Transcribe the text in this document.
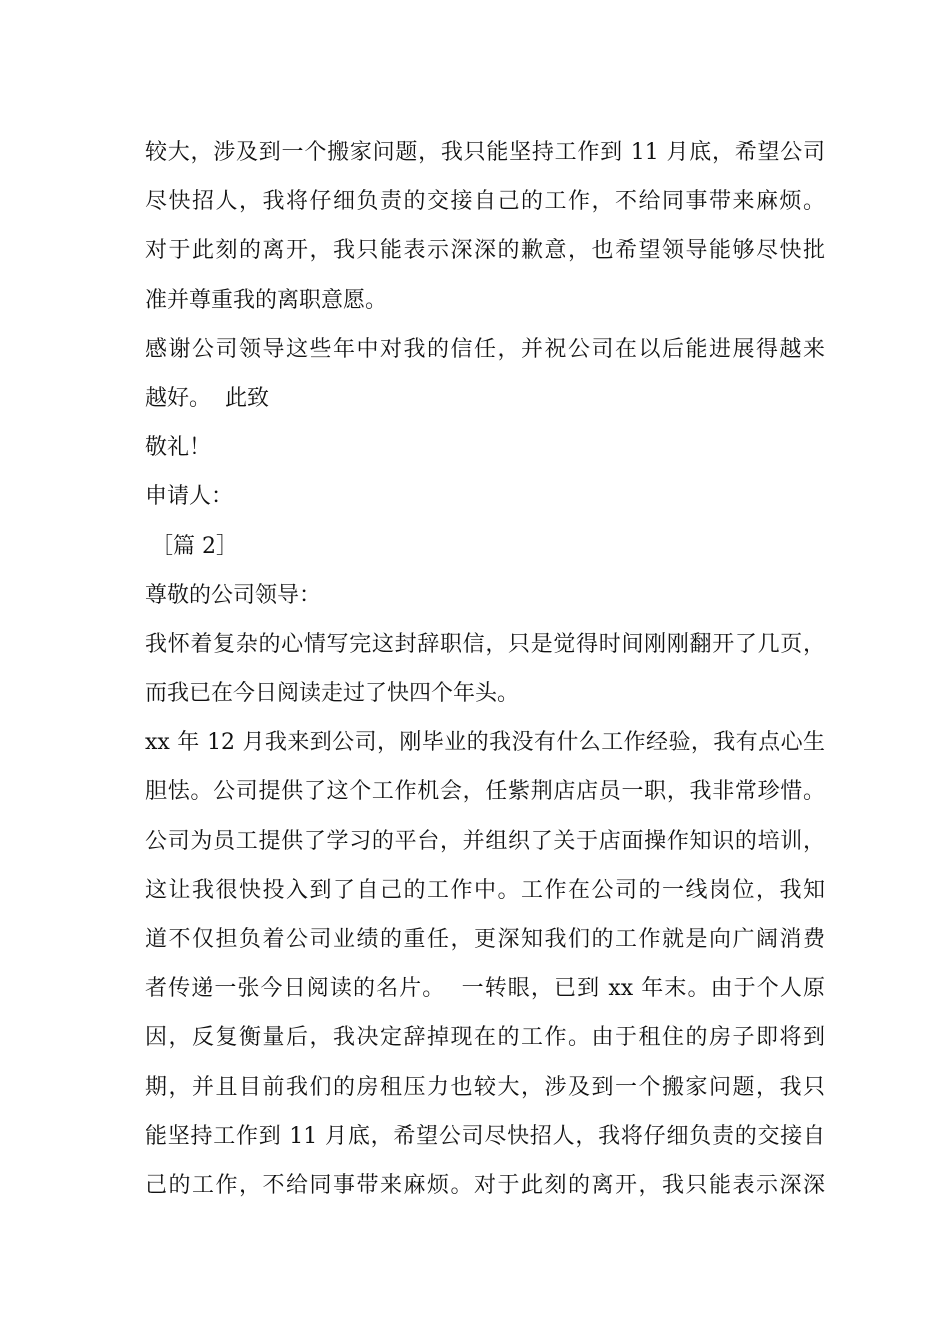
较大，涉及到一个搬家问题，我只能坚持工作到 11 月底，希望公司
尽快招人，我将仔细负责的交接自己的工作，不给同事带来麻烦。
对于此刻的离开，我只能表示深深的歉意，也希望领导能够尽快批
准并尊重我的离职意愿。
感谢公司领导这些年中对我的信任，并祝公司在以后能进展得越来
越好。  此致
敬礼！
申请人：
［篇 2］
尊敬的公司领导：
我怀着复杂的心情写完这封辞职信，只是觉得时间刚刚翻开了几页，
而我已在今日阅读走过了快四个年头。
xx 年 12 月我来到公司，刚毕业的我没有什么工作经验，我有点心生
胆怯。公司提供了这个工作机会，任紫荆店店员一职，我非常珍惜。
公司为员工提供了学习的平台，并组织了关于店面操作知识的培训，
这让我很快投入到了自己的工作中。工作在公司的一线岗位，我知
道不仅担负着公司业绩的重任，更深知我们的工作就是向广阔消费
者传递一张今日阅读的名片。  一转眼，已到 xx 年末。由于个人原
因，反复衡量后，我决定辞掉现在的工作。由于租住的房子即将到
期，并且目前我们的房租压力也较大，涉及到一个搬家问题，我只
能坚持工作到 11 月底，希望公司尽快招人，我将仔细负责的交接自
己的工作，不给同事带来麻烦。对于此刻的离开，我只能表示深深
